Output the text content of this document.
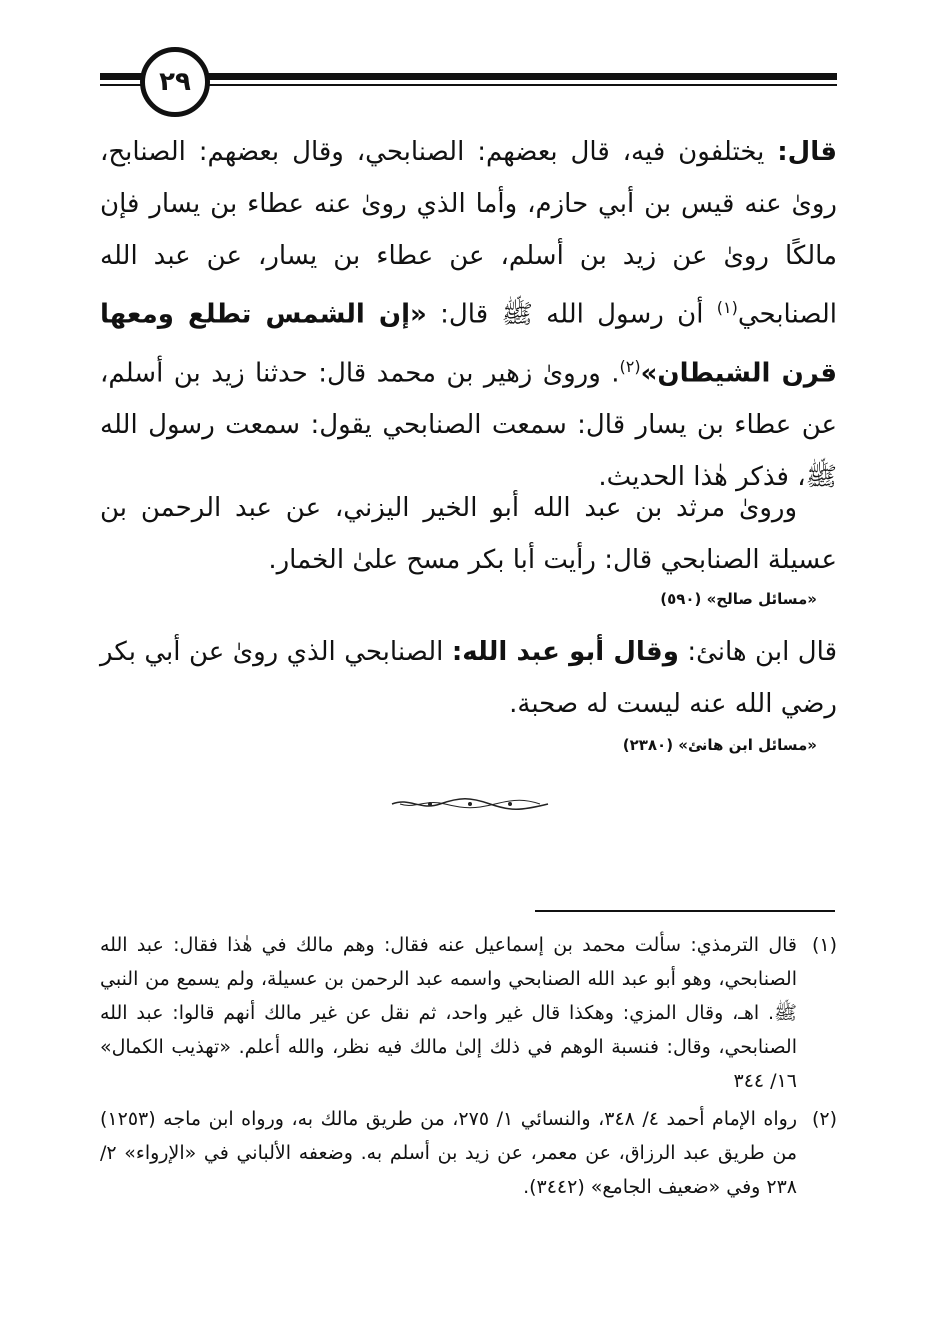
٢٩

قال: يختلفون فيه، قال بعضهم: الصنابحي، وقال بعضهم: الصنابح، روىٰ عنه قيس بن أبي حازم، وأما الذي روىٰ عنه عطاء بن يسار فإن مالكًا روىٰ عن زيد بن أسلم، عن عطاء بن يسار، عن عبد الله الصنابحي$^{(١)}$ أن رسول الله ﷺ قال: «إن الشمس تطلع ومعها قرن الشيطان»$^{(٢)}$. وروىٰ زهير بن محمد قال: حدثنا زيد بن أسلم، عن عطاء بن يسار قال: سمعت الصنابحي يقول: سمعت رسول الله ﷺ، فذكر هٰذا الحديث.

وروىٰ مرثد بن عبد الله أبو الخير اليزني، عن عبد الرحمن بن عسيلة الصنابحي قال: رأيت أبا بكر مسح علىٰ الخمار.

«مسائل صالح» (٥٩٠)

قال ابن هانئ: وقال أبو عبد الله: الصنابحي الذي روىٰ عن أبي بكر رضي الله عنه ليست له صحبة.

«مسائل ابن هانئ» (٢٣٨٠)
(١)
قال الترمذي: سألت محمد بن إسماعيل عنه فقال: وهم مالك في هٰذا فقال: عبد الله الصنابحي، وهو أبو عبد الله الصنابحي واسمه عبد الرحمن بن عسيلة، ولم يسمع من النبي ﷺ. اهـ، وقال المزي: وهكذا قال غير واحد، ثم نقل عن غير مالك أنهم قالوا: عبد الله الصنابحي، وقال: فنسبة الوهم في ذلك إلىٰ مالك فيه نظر، والله أعلم. «تهذيب الكمال» ١٦/ ٣٤٤
(٢)
رواه الإمام أحمد ٤/ ٣٤٨، والنسائي ١/ ٢٧٥، من طريق مالك به، ورواه ابن ماجه (١٢٥٣) من طريق عبد الرزاق، عن معمر، عن زيد بن أسلم به. وضعفه الألباني في «الإرواء» ٢/ ٢٣٨ وفي «ضعيف الجامع» (٣٤٤٢).
